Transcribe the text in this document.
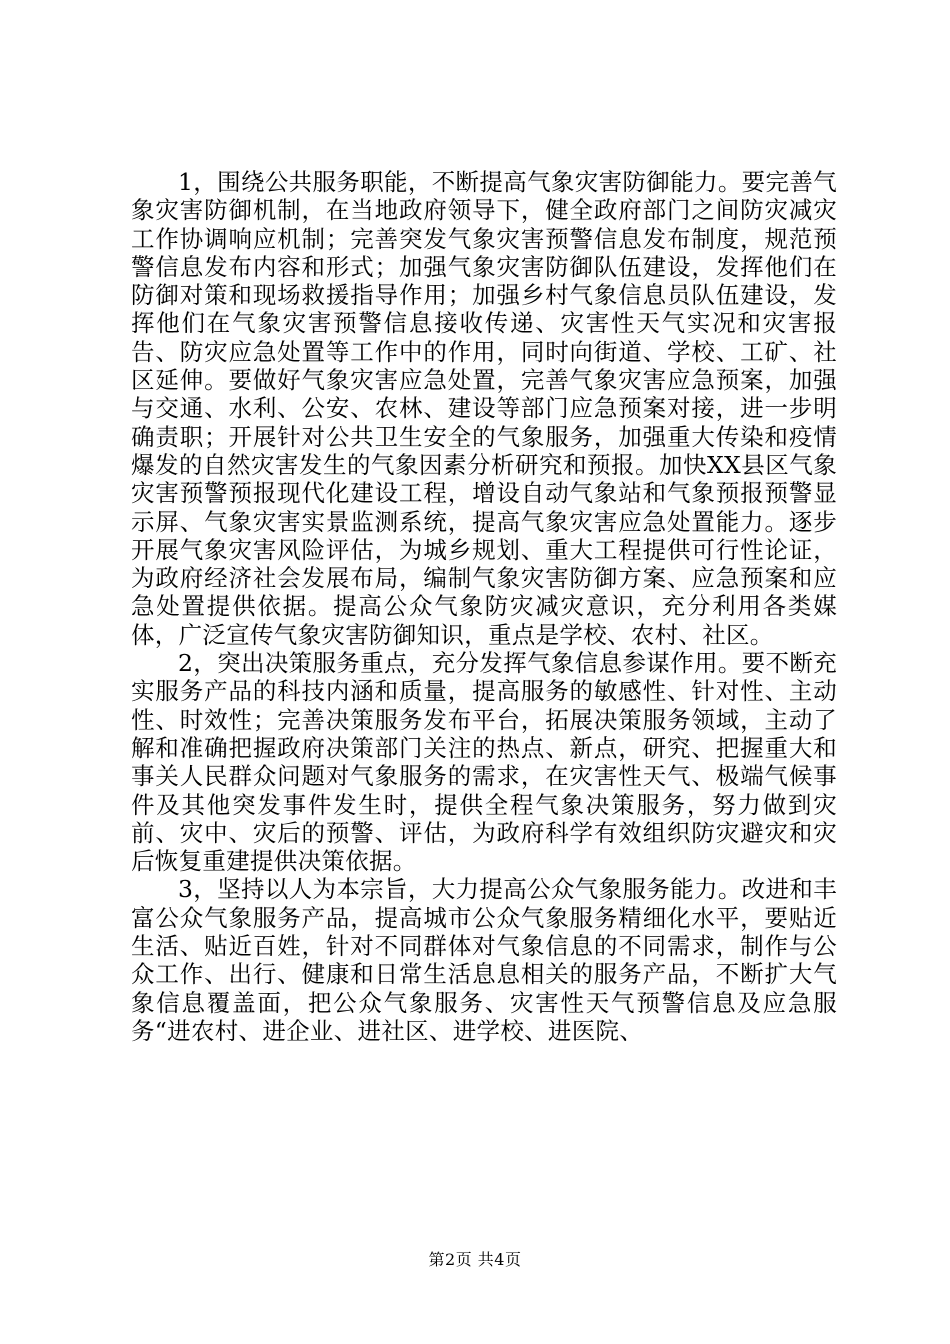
1，围绕公共服务职能，不断提高气象灾害防御能力。要完善气象灾害防御机制，在当地政府领导下，健全政府部门之间防灾减灾工作协调响应机制；完善突发气象灾害预警信息发布制度，规范预警信息发布内容和形式；加强气象灾害防御队伍建设，发挥他们在防御对策和现场救援指导作用；加强乡村气象信息员队伍建设，发挥他们在气象灾害预警信息接收传递、灾害性天气实况和灾害报告、防灾应急处置等工作中的作用，同时向街道、学校、工矿、社区延伸。要做好气象灾害应急处置，完善气象灾害应急预案，加强与交通、水利、公安、农林、建设等部门应急预案对接，进一步明确责职；开展针对公共卫生安全的气象服务，加强重大传染和疫情爆发的自然灾害发生的气象因素分析研究和预报。加快XX县区气象灾害预警预报现代化建设工程，增设自动气象站和气象预报预警显示屏、气象灾害实景监测系统，提高气象灾害应急处置能力。逐步开展气象灾害风险评估，为城乡规划、重大工程提供可行性论证，为政府经济社会发展布局，编制气象灾害防御方案、应急预案和应急处置提供依据。提高公众气象防灾减灾意识，充分利用各类媒体，广泛宣传气象灾害防御知识，重点是学校、农村、社区。

2，突出决策服务重点，充分发挥气象信息参谋作用。要不断充实服务产品的科技内涵和质量，提高服务的敏感性、针对性、主动性、时效性；完善决策服务发布平台，拓展决策服务领域，主动了解和准确把握政府决策部门关注的热点、新点，研究、把握重大和事关人民群众问题对气象服务的需求，在灾害性天气、极端气候事件及其他突发事件发生时，提供全程气象决策服务，努力做到灾前、灾中、灾后的预警、评估，为政府科学有效组织防灾避灾和灾后恢复重建提供决策依据。

3，坚持以人为本宗旨，大力提高公众气象服务能力。改进和丰富公众气象服务产品，提高城市公众气象服务精细化水平，要贴近生活、贴近百姓，针对不同群体对气象信息的不同需求，制作与公众工作、出行、健康和日常生活息息相关的服务产品，不断扩大气象信息覆盖面，把公众气象服务、灾害性天气预警信息及应急服务“进农村、进企业、进社区、进学校、进医院、

第2页 共4页
